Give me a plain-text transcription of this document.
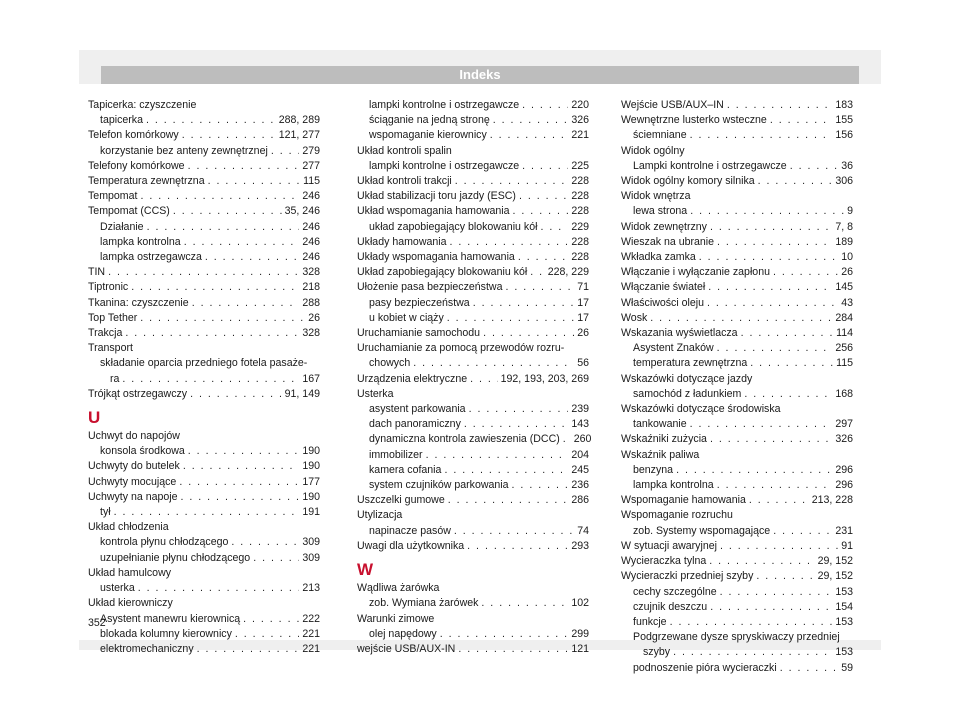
Indeks
Tapicerka: czyszczenie
tapicerka . . .	288, 289
Telefon komórkowy . . .	121, 277
korzystanie bez anteny zewnętrznej . . .	279
Telefony komórkowe . . .	277
Temperatura zewnętrzna . . .	115
Tempomat . . .	246
Tempomat (CCS) . . .	35, 246
Działanie . . .	246
lampka kontrolna . . .	246
lampka ostrzegawcza . . .	246
TIN . . .	328
Tiptronic . . .	218
Tkanina: czyszczenie . . .	288
Top Tether . . .	26
Trakcja . . .	328
Transport
składanie oparcia przedniego fotela pasaże-
ra . . .	167
Trójkąt ostrzegawczy . . .	91, 149
U
Uchwyt do napojów
konsola środkowa . . .	190
Uchwyty do butelek . . .	190
Uchwyty mocujące . . .	177
Uchwyty na napoje . . .	190
tył . . .	191
Układ chłodzenia
kontrola płynu chłodzącego . . .	309
uzupełnianie płynu chłodzącego . . .	309
Układ hamulcowy
usterka . . .	213
Układ kierowniczy
Asystent manewru kierownicą . . .	222
blokada kolumny kierownicy . . .	221
elektromechaniczny . . .	221
lampki kontrolne i ostrzegawcze . . .	220
ściąganie na jedną stronę . . .	326
wspomaganie kierownicy . . .	221
Układ kontroli spalin
lampki kontrolne i ostrzegawcze . . .	225
Układ kontroli trakcji . . .	228
Układ stabilizacji toru jazdy (ESC) . . .	228
Układ wspomagania hamowania . . .	228
układ zapobiegający blokowaniu kół . . .	229
Układy hamowania . . .	228
Układy wspomagania hamowania . . .	228
Układ zapobiegający blokowaniu kół . . . 228, 229
Ułożenie pasa bezpieczeństwa . . .	71
pasy bezpieczeństwa . . .	17
u kobiet w ciąży . . .	17
Uruchamianie samochodu . . .	26
Uruchamianie za pomocą przewodów rozru-
chowych . . .	56
Urządzenia elektryczne . . .	192, 193, 203, 269
Usterka
asystent parkowania . . .	239
dach panoramiczny . . .	143
dynamiczna kontrola zawieszenia (DCC) . . . 260
immobilizer . . .	204
kamera cofania . . .	245
system czujników parkowania . . .	236
Uszczelki gumowe . . .	286
Utylizacja
napinacze pasów . . .	74
Uwagi dla użytkownika . . .	293
W
Wądliwa żarówka
zob. Wymiana żarówek . . .	102
Warunki zimowe
olej napędowy . . .	299
wejście USB/AUX-IN . . .	121
Wejście USB/AUX–IN . . .	183
Wewnętrzne lusterko wsteczne . . .	155
ściemniane . . .	156
Widok ogólny
Lampki kontrolne i ostrzegawcze . . .	36
Widok ogólny komory silnika . . .	306
Widok wnętrza
lewa strona . . .	9
Widok zewnętrzny . . .	7, 8
Wieszak na ubranie . . .	189
Wkładka zamka . . .	10
Włączanie i wyłączanie zapłonu . . .	26
Włączanie świateł . . .	145
Właściwości oleju . . .	43
Wosk . . .	284
Wskazania wyświetlacza . . .	114
Asystent Znaków . . .	256
temperatura zewnętrzna . . .	115
Wskazówki dotyczące jazdy
samochód z ładunkiem . . .	168
Wskazówki dotyczące środowiska
tankowanie . . .	297
Wskaźniki zużycia . . .	326
Wskaźnik paliwa
benzyna . . .	296
lampka kontrolna . . .	296
Wspomaganie hamowania . . .	213, 228
Wspomaganie rozruchu
zob. Systemy wspomagające . . .	231
W sytuacji awaryjnej . . .	91
Wycieraczka tylna . . .	29, 152
Wycieraczki przedniej szyby . . .	29, 152
cechy szczególne . . .	153
czujnik deszczu . . .	154
funkcje . . .	153
Podgrzewane dysze spryskiwaczy przedniej
szyby . . .	153
podnoszenie pióra wycieraczki . . .	59
352
